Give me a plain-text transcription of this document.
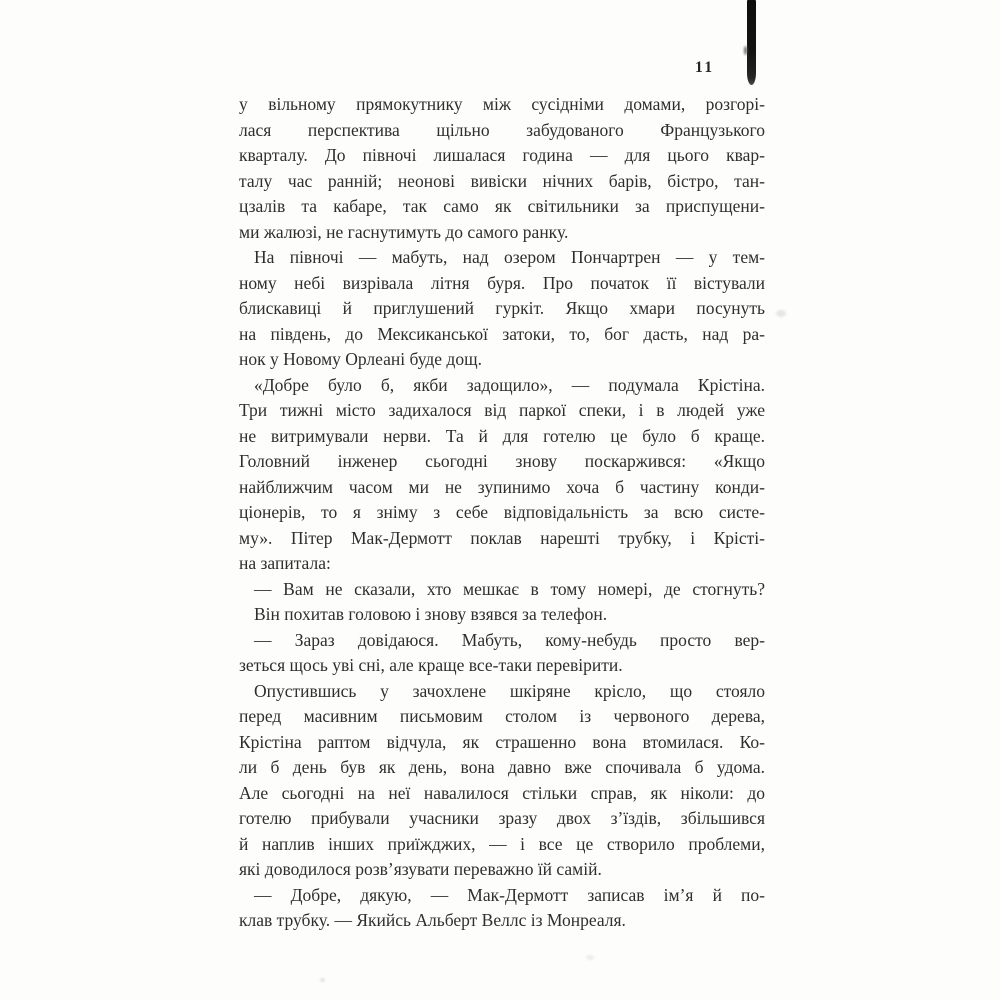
11
у вільному прямокутнику між сусідніми домами, розгорі-
лася перспектива щільно забудованого Французького
кварталу. До півночі лишалася година — для цього квар-
талу час ранній; неонові вивіски нічних барів, бістро, тан-
цзалів та кабаре, так само як світильники за приспущени-
ми жалюзі, не гаснутимуть до самого ранку.
На півночі — мабуть, над озером Пончартрен — у тем-
ному небі визрівала літня буря. Про початок її вістували
блискавиці й приглушений гуркіт. Якщо хмари посунуть
на південь, до Мексиканської затоки, то, бог дасть, над ра-
нок у Новому Орлеані буде дощ.
«Добре було б, якби задощило», — подумала Крістіна.
Три тижні місто задихалося від паркої спеки, і в людей уже
не витримували нерви. Та й для готелю це було б краще.
Головний інженер сьогодні знову поскаржився: «Якщо
найближчим часом ми не зупинимо хоча б частину конди-
ціонерів, то я зніму з себе відповідальність за всю систе-
му». Пітер Мак-Дермотт поклав нарешті трубку, і Крісті-
на запитала:
— Вам не сказали, хто мешкає в тому номері, де стогнуть?
Він похитав головою і знову взявся за телефон.
— Зараз довідаюся. Мабуть, кому-небудь просто вер-
зеться щось уві сні, але краще все-таки перевірити.
Опустившись у зачохлене шкіряне крісло, що стояло
перед масивним письмовим столом із червоного дерева,
Крістіна раптом відчула, як страшенно вона втомилася. Ко-
ли б день був як день, вона давно вже спочивала б удома.
Але сьогодні на неї навалилося стільки справ, як ніколи: до
готелю прибували учасники зразу двох з’їздів, збільшився
й наплив інших приїжджих, — і все це створило проблеми,
які доводилося розв’язувати переважно їй самій.
— Добре, дякую, — Мак-Дермотт записав ім’я й по-
клав трубку. — Якийсь Альберт Веллс із Монреаля.
